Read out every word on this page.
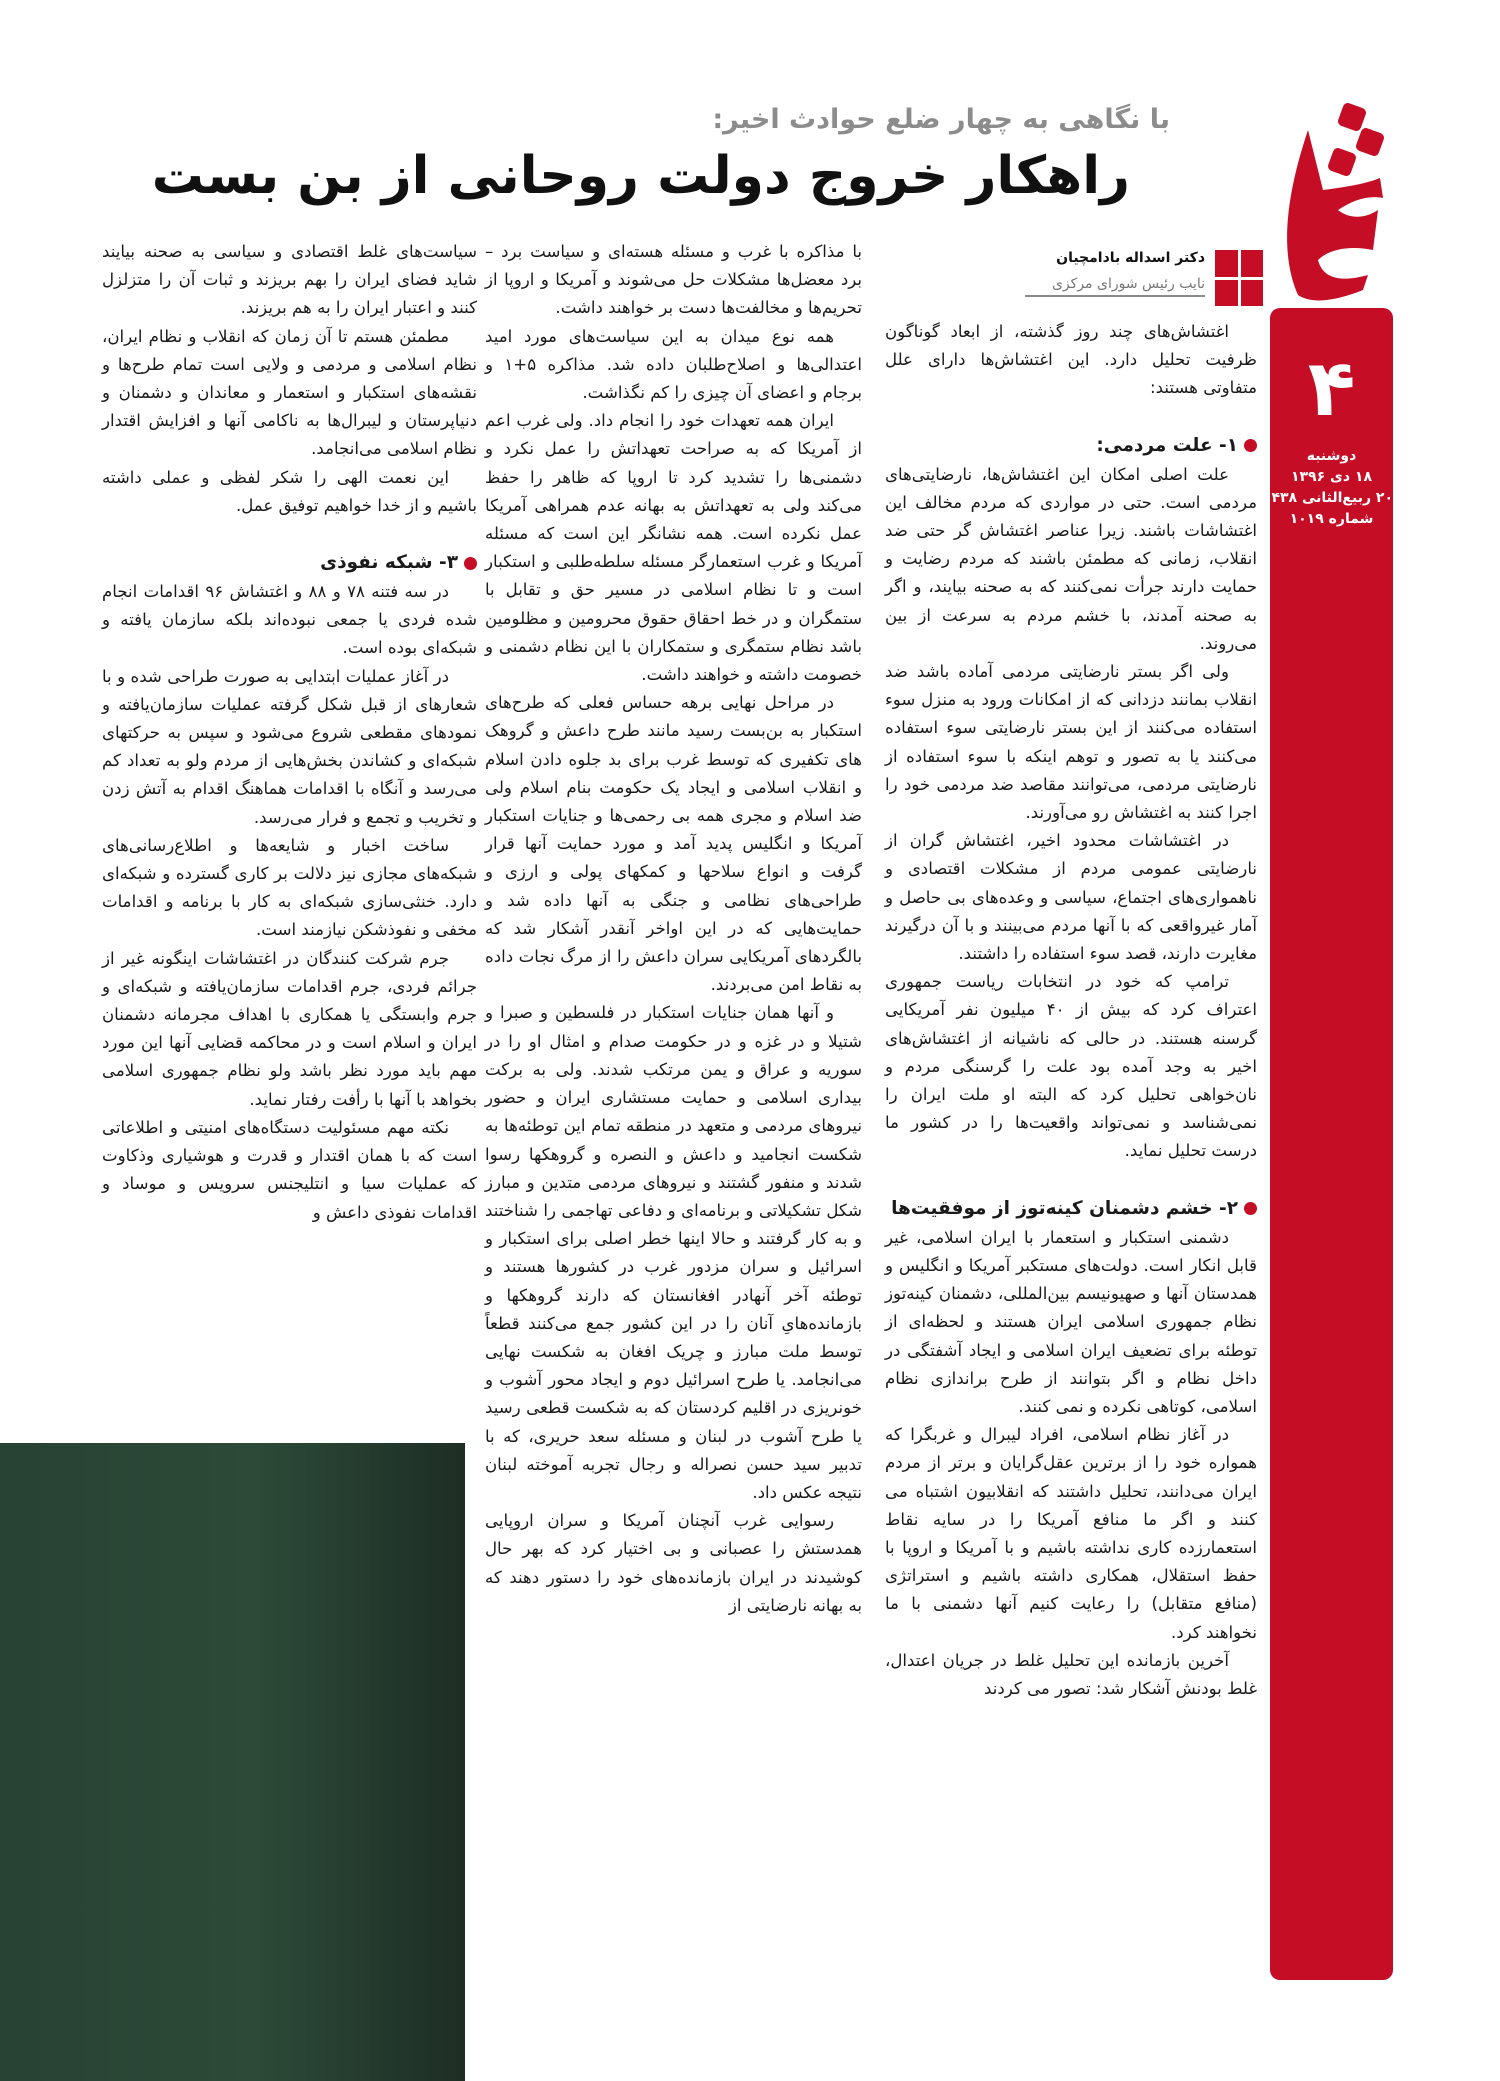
۴
دوشنبه
۱۸ دی ۱۳۹۶
۲۰ ربیع‌الثانی ۱۴۳۸
شماره ۱۰۱۹
با نگاهی به چهار ضلع حوادث اخیر:
راهکار خروج دولت روحانی از بن بست
دکتر اسداله بادامچیان
نایب رئیس شورای مرکزی

اغتشاش‌های چند روز گذشته، از ابعاد گوناگون ظرفیت تحلیل دارد. این اغتشاش‌ها دارای علل متفاوتی هستند:

۱- علت مردمی:

علت اصلی امکان این اغتشاش‌ها، نارضایتی‌های مردمی است. حتی در مواردی که مردم مخالف این اغتشاشات باشند. زیرا عناصر اغتشاش گر حتی ضد انقلاب، زمانی که مطمئن باشند که مردم رضایت و حمایت دارند جرأت نمی‌کنند که به صحنه بیایند، و اگر به صحنه آمدند، با خشم مردم به سرعت از بین می‌روند.

ولی اگر بستر نارضایتی مردمی آماده باشد ضد انقلاب بمانند دزدانی که از امکانات ورود به منزل سوء استفاده می‌کنند از این بستر نارضایتی سوء استفاده می‌کنند یا به تصور و توهم اینکه با سوء استفاده از نارضایتی مردمی، می‌توانند مقاصد ضد مردمی خود را اجرا کنند به اغتشاش رو می‌آورند.

در اغتشاشات محدود اخیر، اغتشاش گران از نارضایتی عمومی مردم از مشکلات اقتصادی و ناهمواری‌های اجتماع، سیاسی و وعده‌های بی حاصل و آمار غیرواقعی که با آنها مردم می‌بینند و با آن درگیرند مغایرت دارند، قصد سوء استفاده را داشتند.

ترامپ که خود در انتخابات ریاست جمهوری اعتراف کرد که بیش از ۴۰ میلیون نفر آمریکایی گرسنه هستند. در حالی که ناشیانه از اغتشاش‌های اخیر به وجد آمده بود علت را گرسنگی مردم و نان‌خواهی تحلیل کرد که البته او ملت ایران را نمی‌شناسد و نمی‌تواند واقعیت‌ها را در کشور ما درست تحلیل نماید.

۲- خشم دشمنان کینه‌توز از موفقیت‌ها

دشمنی استکبار و استعمار با ایران اسلامی، غیر قابل انکار است. دولت‌های مستکبر آمریکا و انگلیس و همدستان آنها و صهیونیسم بین‌المللی، دشمنان کینه‌توز نظام جمهوری اسلامی ایران هستند و لحظه‌ای از توطئه برای تضعیف ایران اسلامی و ایجاد آشفتگی در داخل نظام و اگر بتوانند از طرح براندازی نظام اسلامی، کوتاهی نکرده و نمی کنند.

در آغاز نظام اسلامی، افراد لیبرال و غربگرا که همواره خود را از برترین عقل‌گرایان و برتر از مردم ایران می‌دانند، تحلیل داشتند که انقلابیون اشتباه می کنند و اگر ما منافع آمریکا را در سایه نقاط استعمارزده کاری نداشته باشیم و با آمریکا و اروپا با حفظ استقلال، همکاری داشته باشیم و استراتژی (منافع متقابل) را رعایت کنیم آنها دشمنی با ما نخواهند کرد.

آخرین بازمانده این تحلیل غلط در جریان اعتدال، غلط بودنش آشکار شد: تصور می کردند

با مذاکره با غرب و مسئله هسته‌ای و سیاست برد – برد معضل‌ها مشکلات حل می‌شوند و آمریکا و اروپا از تحریم‌ها و مخالفت‌ها دست بر خواهند داشت.

همه نوع میدان به این سیاست‌های مورد امید اعتدالی‌ها و اصلاح‌طلبان داده شد. مذاکره ۵+۱ و برجام و اعضای آن چیزی را کم نگذاشت.

ایران همه تعهدات خود را انجام داد. ولی غرب اعم از آمریکا که به صراحت تعهداتش را عمل نکرد و دشمنی‌ها را تشدید کرد تا اروپا که ظاهر را حفظ می‌کند ولی به تعهداتش به بهانه عدم همراهی آمریکا عمل نکرده است. همه نشانگر این است که مسئله آمریکا و غرب استعمارگر مسئله سلطه‌طلبی و استکبار است و تا نظام اسلامی در مسیر حق و تقابل با ستمگران و در خط احقاق حقوق محرومین و مظلومین باشد نظام ستمگری و ستمکاران با این نظام دشمنی و خصومت داشته و خواهند داشت.

در مراحل نهایی برهه حساس فعلی که طرح‌های استکبار به بن‌بست رسید مانند طرح داعش و گروهک های تکفیری که توسط غرب برای بد جلوه دادن اسلام و انقلاب اسلامی و ایجاد یک حکومت بنام اسلام ولی ضد اسلام و مجری همه بی رحمی‌ها و جنایات استکبار آمریکا و انگلیس پدید آمد و مورد حمایت آنها قرار گرفت و انواع سلاحها و کمکهای پولی و ارزی و طراحی‌های نظامی و جنگی به آنها داده شد و حمایت‌هایی که در این اواخر آنقدر آشکار شد که بالگردهای آمریکایی سران داعش را از مرگ نجات داده به نقاط امن می‌بردند.

و آنها همان جنایات استکبار در فلسطین و صبرا و شتیلا و در غزه و در حکومت صدام و امثال او را در سوریه و عراق و یمن مرتکب شدند. ولی به برکت بیداری اسلامی و حمایت مستشاری ایران و حضور نیروهای مردمی و متعهد در منطقه تمام این توطئه‌ها به شکست انجامید و داعش و النصره و گروهکها رسوا شدند و منفور گشتند و نیروهای مردمی متدین و مبارز شکل تشکیلاتی و برنامه‌ای و دفاعی تهاجمی را شناختند و به کار گرفتند و حالا اینها خطر اصلی برای استکبار و اسرائیل و سران مزدور غرب در کشورها هستند و توطئه آخر آنهادر افغانستان که دارند گروهکها و بازمانده‌هایِ آنان را در این کشور جمع می‌کنند قطعاً توسط ملت مبارز و چریک افغان به شکست نهایی می‌انجامد. یا طرح اسرائیل دوم و ایجاد محور آشوب و خونریزی در اقلیم کردستان که به شکست قطعی رسید یا طرح آشوب در لبنان و مسئله سعد حریری، که با تدبیر سید حسن نصراله و رجال تجربه آموخته لبنان نتیجه عکس داد.

رسوایی غرب آنچنان آمریکا و سران اروپایی همدستش را عصبانی و بی اختیار کرد که بهر حال کوشیدند در ایران بازمانده‌های خود را دستور دهند که به بهانه نارضایتی از

سیاست‌های غلط اقتصادی و سیاسی به صحنه بیایند شاید فضای ایران را بهم بریزند و ثبات آن را متزلزل کنند و اعتبار ایران را به هم بریزند.

مطمئن هستم تا آن زمان که انقلاب و نظام ایران، نظام اسلامی و مردمی و ولایی است تمام طرح‌ها و نقشه‌های استکبار و استعمار و معاندان و دشمنان و دنیاپرستان و لیبرال‌ها به ناکامی آنها و افزایش اقتدار نظام اسلامی می‌انجامد.

این نعمت الهی را شکر لفظی و عملی داشته باشیم و از خدا خواهیم توفیق عمل.

۳- شبکه نفوذی

در سه فتنه ۷۸ و ۸۸ و اغتشاش ۹۶ اقدامات انجام شده فردی یا جمعی نبوده‌اند بلکه سازمان یافته و شبکه‌ای بوده است.

در آغاز عملیات ابتدایی به صورت طراحی شده و با شعارهای از قبل شکل گرفته عملیات سازمان‌یافته و نمودهای مقطعی شروع می‌شود و سپس به حرکتهای شبکه‌ای و کشاندن بخش‌هایی از مردم ولو به تعداد کم می‌رسد و آنگاه با اقدامات هماهنگ اقدام به آتش زدن و تخریب و تجمع و فرار می‌رسد.

ساخت اخبار و شایعه‌ها و اطلاع‌رسانی‌های شبکه‌های مجازی نیز دلالت بر کاری گسترده و شبکه‌ای دارد. خنثی‌سازی شبکه‌ای به کار با برنامه و اقدامات مخفی و نفوذشکن نیازمند است.

جرم شرکت کنندگان در اغتشاشات اینگونه غیر از جرائم فردی، جرم اقدامات سازمان‌یافته و شبکه‌ای و جرم وابستگی یا همکاری با اهداف مجرمانه دشمنان ایران و اسلام است و در محاکمه قضایی آنها این مورد مهم باید مورد نظر باشد ولو نظام جمهوری اسلامی بخواهد با آنها با رأفت رفتار نماید.

نکته مهم مسئولیت دستگاه‌های امنیتی و اطلاعاتی است که با همان اقتدار و قدرت و هوشیاری وذکاوت که عملیات سیا و انتلیجنس سرویس و موساد و اقدامات نفوذی داعش و
